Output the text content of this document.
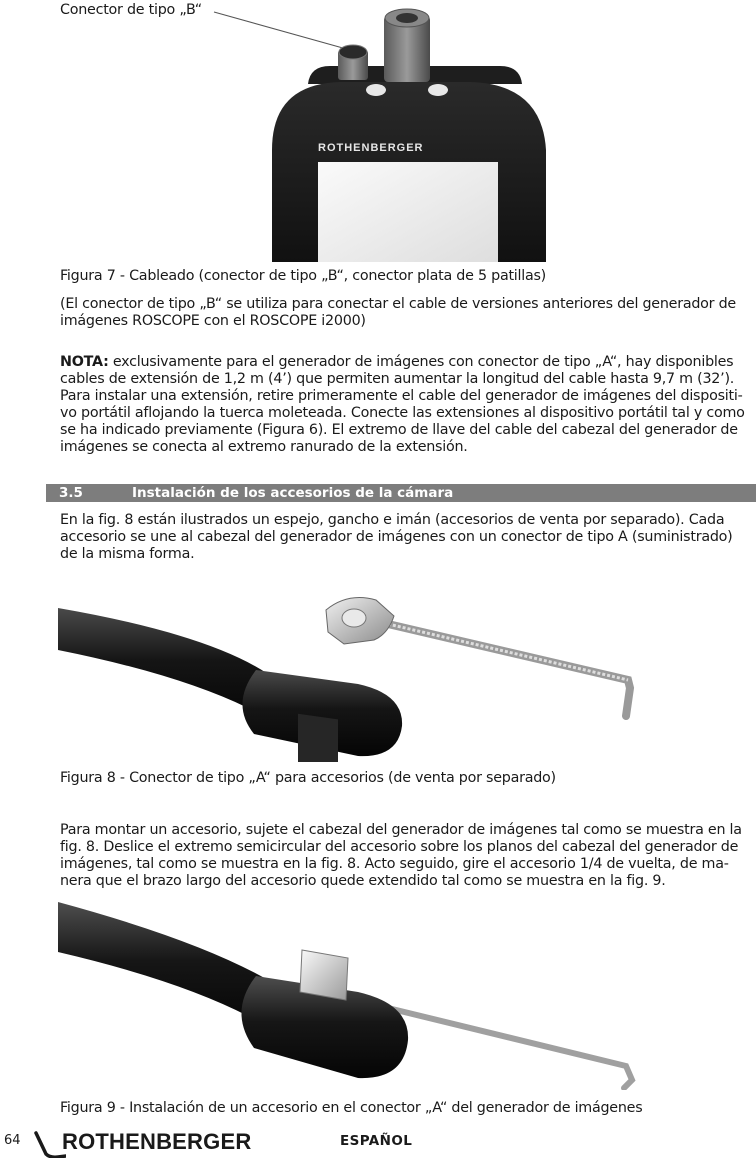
Conector de tipo „B“
ROTHENBERGER
Figura 7 - Cableado (conector de tipo „B“, conector plata de 5 patillas)
(El conector de tipo „B“ se utiliza para conectar el cable de versiones anteriores del generador de
imágenes ROSCOPE con el ROSCOPE i2000)
NOTA: exclusivamente para el generador de imágenes con conector de tipo „A“, hay disponibles
cables de extensión de 1,2 m (4’) que permiten aumentar la longitud del cable hasta 9,7 m (32’).
Para instalar una extensión, retire primeramente el cable del generador de imágenes del dispositi-
vo portátil aflojando la tuerca moleteada. Conecte las extensiones al dispositivo portátil tal y como
se ha indicado previamente (Figura 6). El extremo de llave del cable del cabezal del generador de
imágenes se conecta al extremo ranurado de la extensión.
3.5	Instalación de los accesorios de la cámara
En la fig. 8 están ilustrados un espejo, gancho e imán (accesorios de venta por separado). Cada
accesorio se une al cabezal del generador de imágenes con un conector de tipo A (suministrado)
de la misma forma.
Figura 8 - Conector de tipo „A“ para accesorios (de venta por separado)
Para montar un accesorio, sujete el cabezal del generador de imágenes tal como se muestra en la
fig. 8. Deslice el extremo semicircular del accesorio sobre los planos del cabezal del generador de
imágenes, tal como se muestra en la fig. 8. Acto seguido, gire el accesorio 1/4 de vuelta, de ma-
nera que el brazo largo del accesorio quede extendido tal como se muestra en la fig. 9.
Figura 9 - Instalación de un accesorio en el conector „A“ del generador de imágenes
64 ROTHENBERGER	ESPAÑOL
